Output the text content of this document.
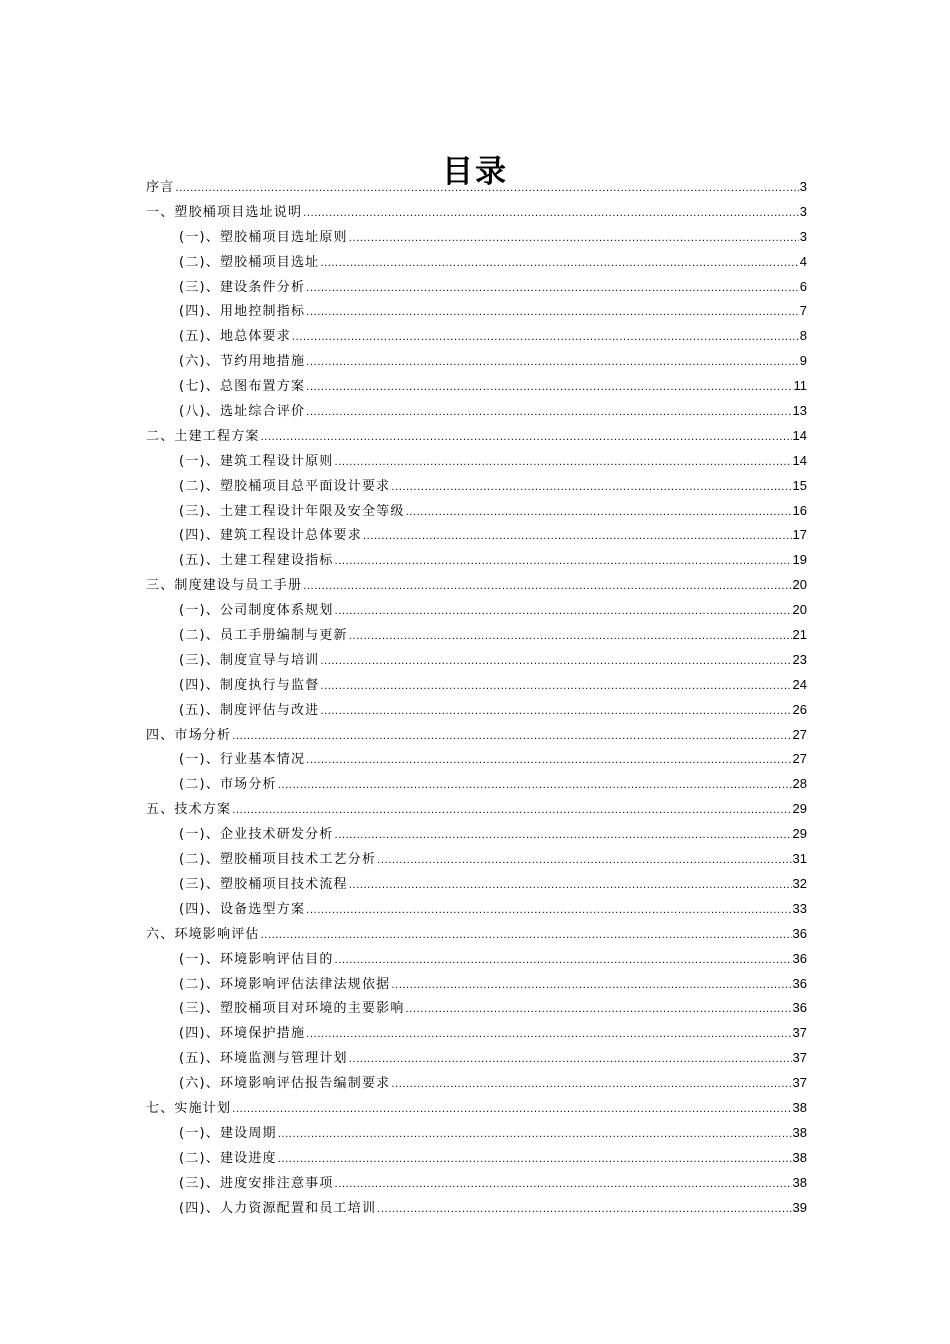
目录
序言 .....	3
一、塑胶桶项目选址说明 .....	3
(一)、塑胶桶项目选址原则 .....	3
(二)、塑胶桶项目选址 .....	4
(三)、建设条件分析 .....	6
(四)、用地控制指标 .....	7
(五)、地总体要求 .....	8
(六)、节约用地措施 .....	9
(七)、总图布置方案 .....	11
(八)、选址综合评价 .....	13
二、土建工程方案 .....	14
(一)、建筑工程设计原则 .....	14
(二)、塑胶桶项目总平面设计要求 .....	15
(三)、土建工程设计年限及安全等级 .....	16
(四)、建筑工程设计总体要求 .....	17
(五)、土建工程建设指标 .....	19
三、制度建设与员工手册 .....	20
(一)、公司制度体系规划 .....	20
(二)、员工手册编制与更新 .....	21
(三)、制度宣导与培训 .....	23
(四)、制度执行与监督 .....	24
(五)、制度评估与改进 .....	26
四、市场分析 .....	27
(一)、行业基本情况 .....	27
(二)、市场分析 .....	28
五、技术方案 .....	29
(一)、企业技术研发分析 .....	29
(二)、塑胶桶项目技术工艺分析 .....	31
(三)、塑胶桶项目技术流程 .....	32
(四)、设备选型方案 .....	33
六、环境影响评估 .....	36
(一)、环境影响评估目的 .....	36
(二)、环境影响评估法律法规依据 .....	36
(三)、塑胶桶项目对环境的主要影响 .....	36
(四)、环境保护措施 .....	37
(五)、环境监测与管理计划 .....	37
(六)、环境影响评估报告编制要求 .....	37
七、实施计划 .....	38
(一)、建设周期 .....	38
(二)、建设进度 .....	38
(三)、进度安排注意事项 .....	38
(四)、人力资源配置和员工培训 .....	39
